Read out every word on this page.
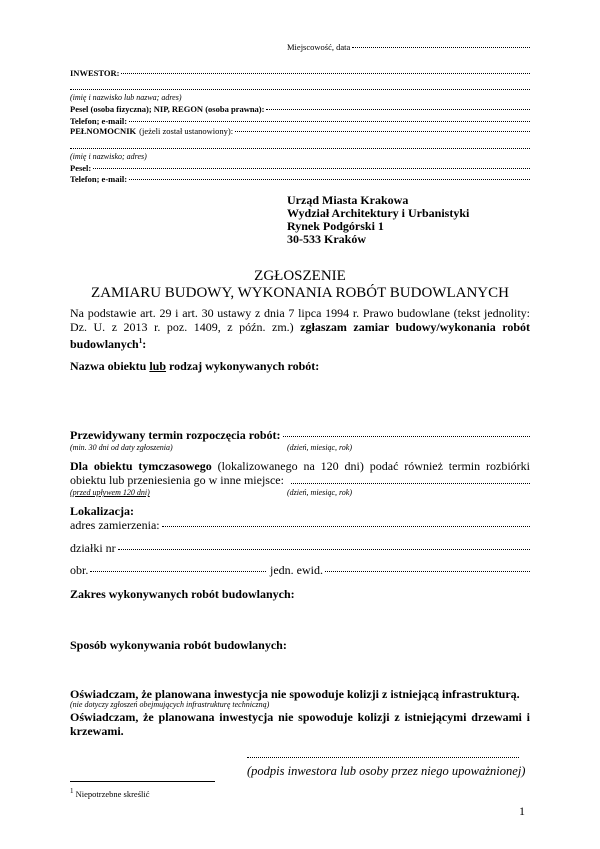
Miejscowość, data
INWESTOR:
(imię i nazwisko lub nazwa; adres)
Pesel (osoba fizyczna); NIP, REGON (osoba prawna):
Telefon; e-mail:
PEŁNOMOCNIK (jeżeli został ustanowiony):
(imię i nazwisko; adres)
Pesel:
Telefon; e-mail:
Urząd Miasta Krakowa
Wydział Architektury i Urbanistyki
Rynek Podgórski 1
30-533 Kraków
ZGŁOSZENIE
ZAMIARU BUDOWY, WYKONANIA ROBÓT BUDOWLANYCH
Na podstawie art. 29 i art. 30 ustawy z dnia 7 lipca 1994 r. Prawo budowlane (tekst jednolity: Dz. U. z 2013 r. poz. 1409, z późn. zm.) zgłaszam zamiar budowy/wykonania robót budowlanych$^1$:
Nazwa obiektu lub rodzaj wykonywanych robót:
Przewidywany termin rozpoczęcia robót:
(min. 30 dni od daty zgłoszenia)	(dzień, miesiąc, rok)
Dla obiektu tymczasowego (lokalizowanego na 120 dni) podać również termin rozbiórki obiektu lub przeniesienia go w inne miejsce:
(przed upływem 120 dni)	(dzień, miesiąc, rok)
Lokalizacja:
adres zamierzenia:
działki nr
obr.	jedn. ewid.
Zakres wykonywanych robót budowlanych:
Sposób wykonywania robót budowlanych:
Oświadczam, że planowana inwestycja nie spowoduje kolizji z istniejącą infrastrukturą.
(nie dotyczy zgłoszeń obejmujących infrastrukturę techniczną)
Oświadczam, że planowana inwestycja nie spowoduje kolizji z istniejącymi drzewami i krzewami.
(podpis inwestora lub osoby przez niego upoważnionej)
$^1$ Niepotrzebne skreślić
1
